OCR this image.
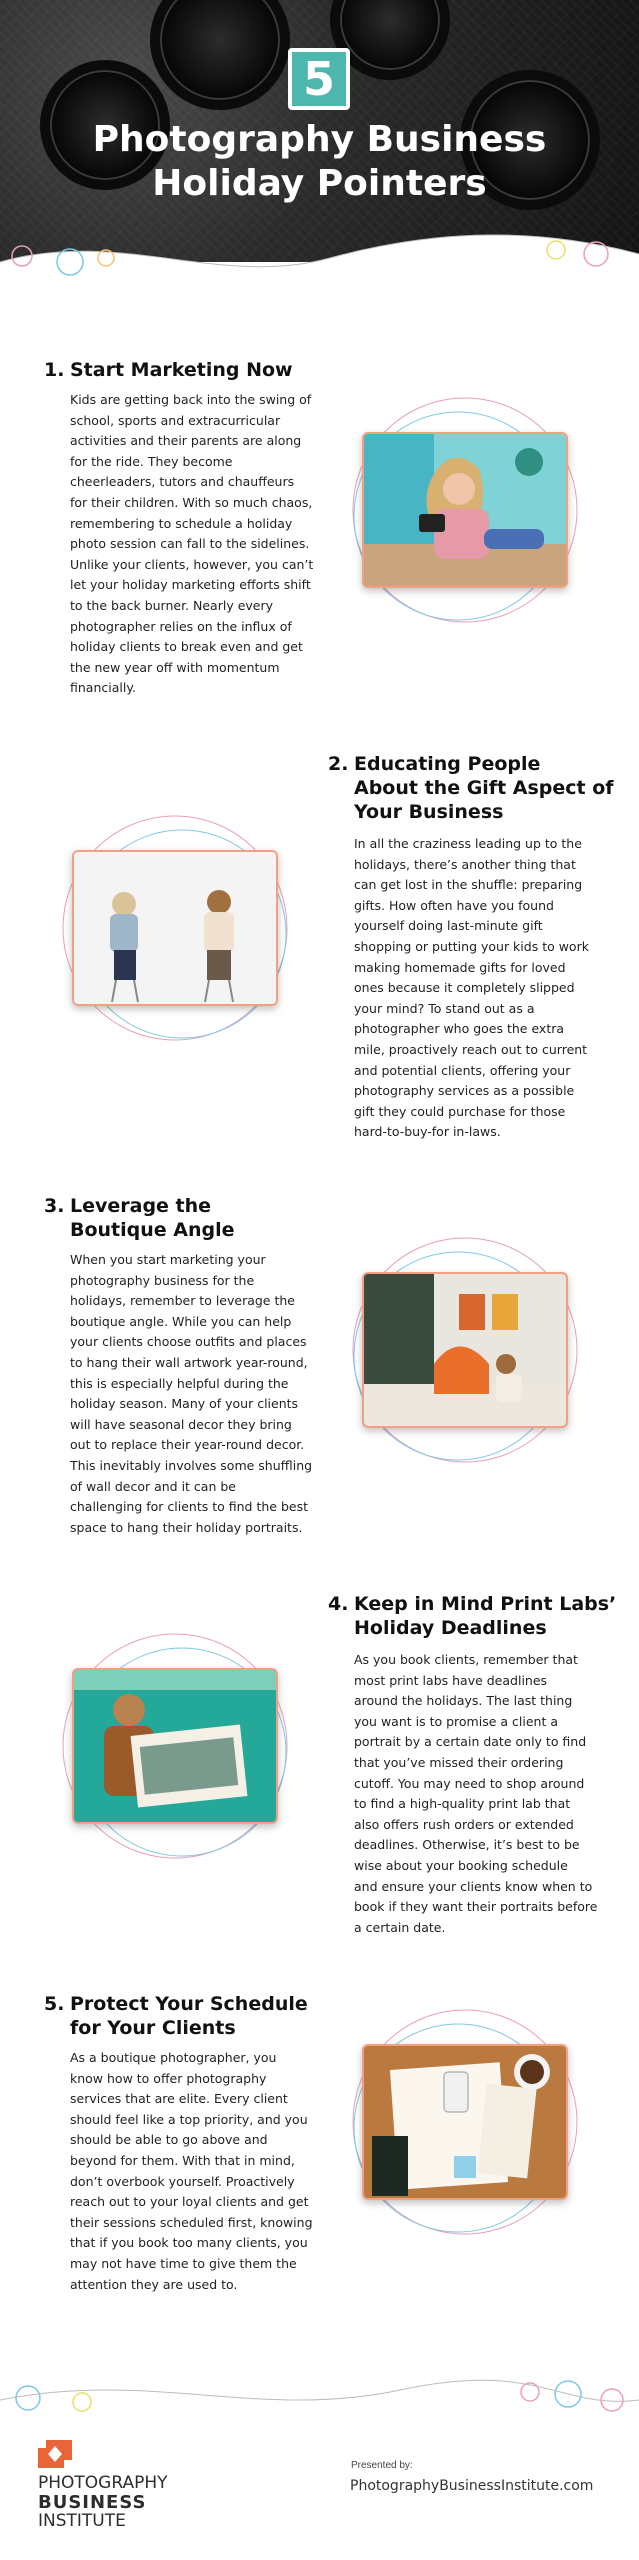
5
Photography Business
Holiday Pointers
1. Start Marketing Now
Kids are getting back into the swing of
school, sports and extracurricular
activities and their parents are along
for the ride. They become
cheerleaders, tutors and chauffeurs
for their children. With so much chaos,
remembering to schedule a holiday
photo session can fall to the sidelines.
Unlike your clients, however, you can’t
let your holiday marketing efforts shift
to the back burner. Nearly every
photographer relies on the influx of
holiday clients to break even and get
the new year off with momentum
financially.
2. Educating People
About the Gift Aspect of
Your Business
In all the craziness leading up to the
holidays, there’s another thing that
can get lost in the shuffle: preparing
gifts. How often have you found
yourself doing last-minute gift
shopping or putting your kids to work
making homemade gifts for loved
ones because it completely slipped
your mind? To stand out as a
photographer who goes the extra
mile, proactively reach out to current
and potential clients, offering your
photography services as a possible
gift they could purchase for those
hard-to-buy-for in-laws.
3. Leverage the
Boutique Angle
When you start marketing your
photography business for the
holidays, remember to leverage the
boutique angle. While you can help
your clients choose outfits and places
to hang their wall artwork year-round,
this is especially helpful during the
holiday season. Many of your clients
will have seasonal decor they bring
out to replace their year-round decor.
This inevitably involves some shuffling
of wall decor and it can be
challenging for clients to find the best
space to hang their holiday portraits.
4. Keep in Mind Print Labs’
Holiday Deadlines
As you book clients, remember that
most print labs have deadlines
around the holidays. The last thing
you want is to promise a client a
portrait by a certain date only to find
that you’ve missed their ordering
cutoff. You may need to shop around
to find a high-quality print lab that
also offers rush orders or extended
deadlines. Otherwise, it’s best to be
wise about your booking schedule
and ensure your clients know when to
book if they want their portraits before
a certain date.
5. Protect Your Schedule
for Your Clients
As a boutique photographer, you
know how to offer photography
services that are elite. Every client
should feel like a top priority, and you
should be able to go above and
beyond for them. With that in mind,
don’t overbook yourself. Proactively
reach out to your loyal clients and get
their sessions scheduled first, knowing
that if you book too many clients, you
may not have time to give them the
attention they are used to.
PHOTOGRAPHY
BUSINESS
INSTITUTE
Presented by:
PhotographyBusinessInstitute.com
